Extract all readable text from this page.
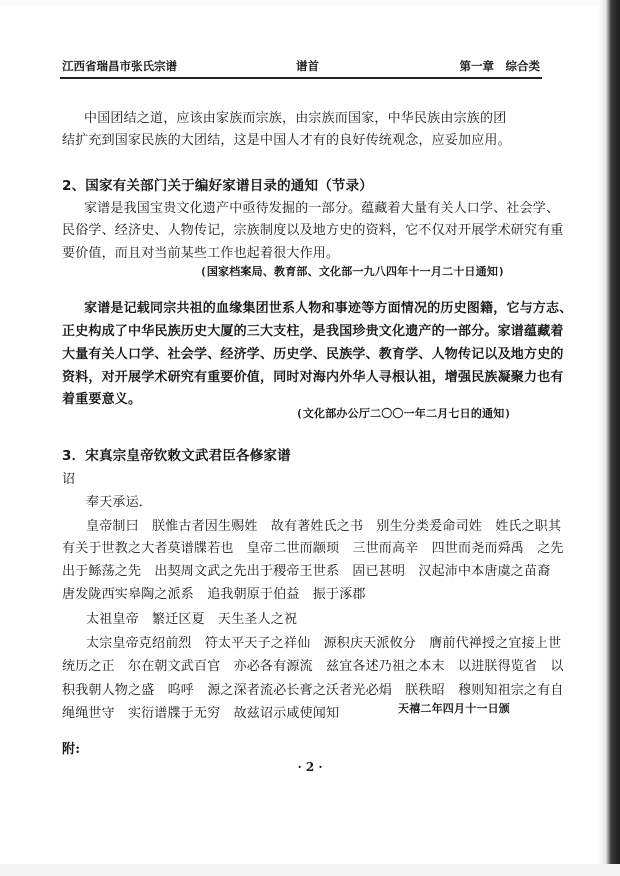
江西省瑞昌市张氏宗谱	谱首	第一章　综合类
中国团结之道，应该由家族而宗族，由宗族而国家，中华民族由宗族的团
结扩充到国家民族的大团结，这是中国人才有的良好传统观念，应妥加应用。
2、国家有关部门关于编好家谱目录的通知（节录）
家谱是我国宝贵文化遗产中亟待发掘的一部分。蕴藏着大量有关人口学、社会学、
民俗学、经济史、人物传记，宗族制度以及地方史的资料，它不仅对开展学术研究有重
要价值，而且对当前某些工作也起着很大作用。
(国家档案局、教育部、文化部一九八四年十一月二十日通知)
家谱是记载同宗共祖的血缘集团世系人物和事迹等方面情况的历史图籍，它与方志、
正史构成了中华民族历史大厦的三大支柱，是我国珍贵文化遗产的一部分。家谱蕴藏着
大量有关人口学、社会学、经济学、历史学、民族学、教育学、人物传记以及地方史的
资料，对开展学术研究有重要价值，同时对海内外华人寻根认祖，增强民族凝聚力也有
着重要意义。
(文化部办公厅二〇〇一年二月七日的通知)
3．宋真宗皇帝钦敕文武君臣各修家谱
诏
奉天承运．
皇帝制曰　朕惟古者因生赐姓　故有著姓氏之书　别生分类爰命司姓　姓氏之职其
有关于世教之大者莫谱牒若也　皇帝二世而颛顼　三世而高辛　四世而尧而舜禹　之先
出于鲧荡之先　出契周文武之先出于稷帝王世系　固已甚明　汉起沛中本唐虞之苗裔
唐发陇西实皋陶之派系　追我朝原于伯益　振于涿郡
太祖皇帝　繁迁区夏　天生圣人之祝
太宗皇帝克绍前烈　符太平天子之祥仙　源积庆天派攸分　膺前代禅授之宜接上世
统历之正　尔在朝文武百官　亦必各有源流　兹宜各述乃祖之本末　以进朕得览省　以
积我朝人物之盛　呜呼　源之深者流必长膏之沃者光必焆　朕秩昭　穆则知祖宗之有自
绳绳世守　实衍谱牒于无穷　故兹诏示咸使闻知	天禧二年四月十一日颁
附:
· 2 ·
